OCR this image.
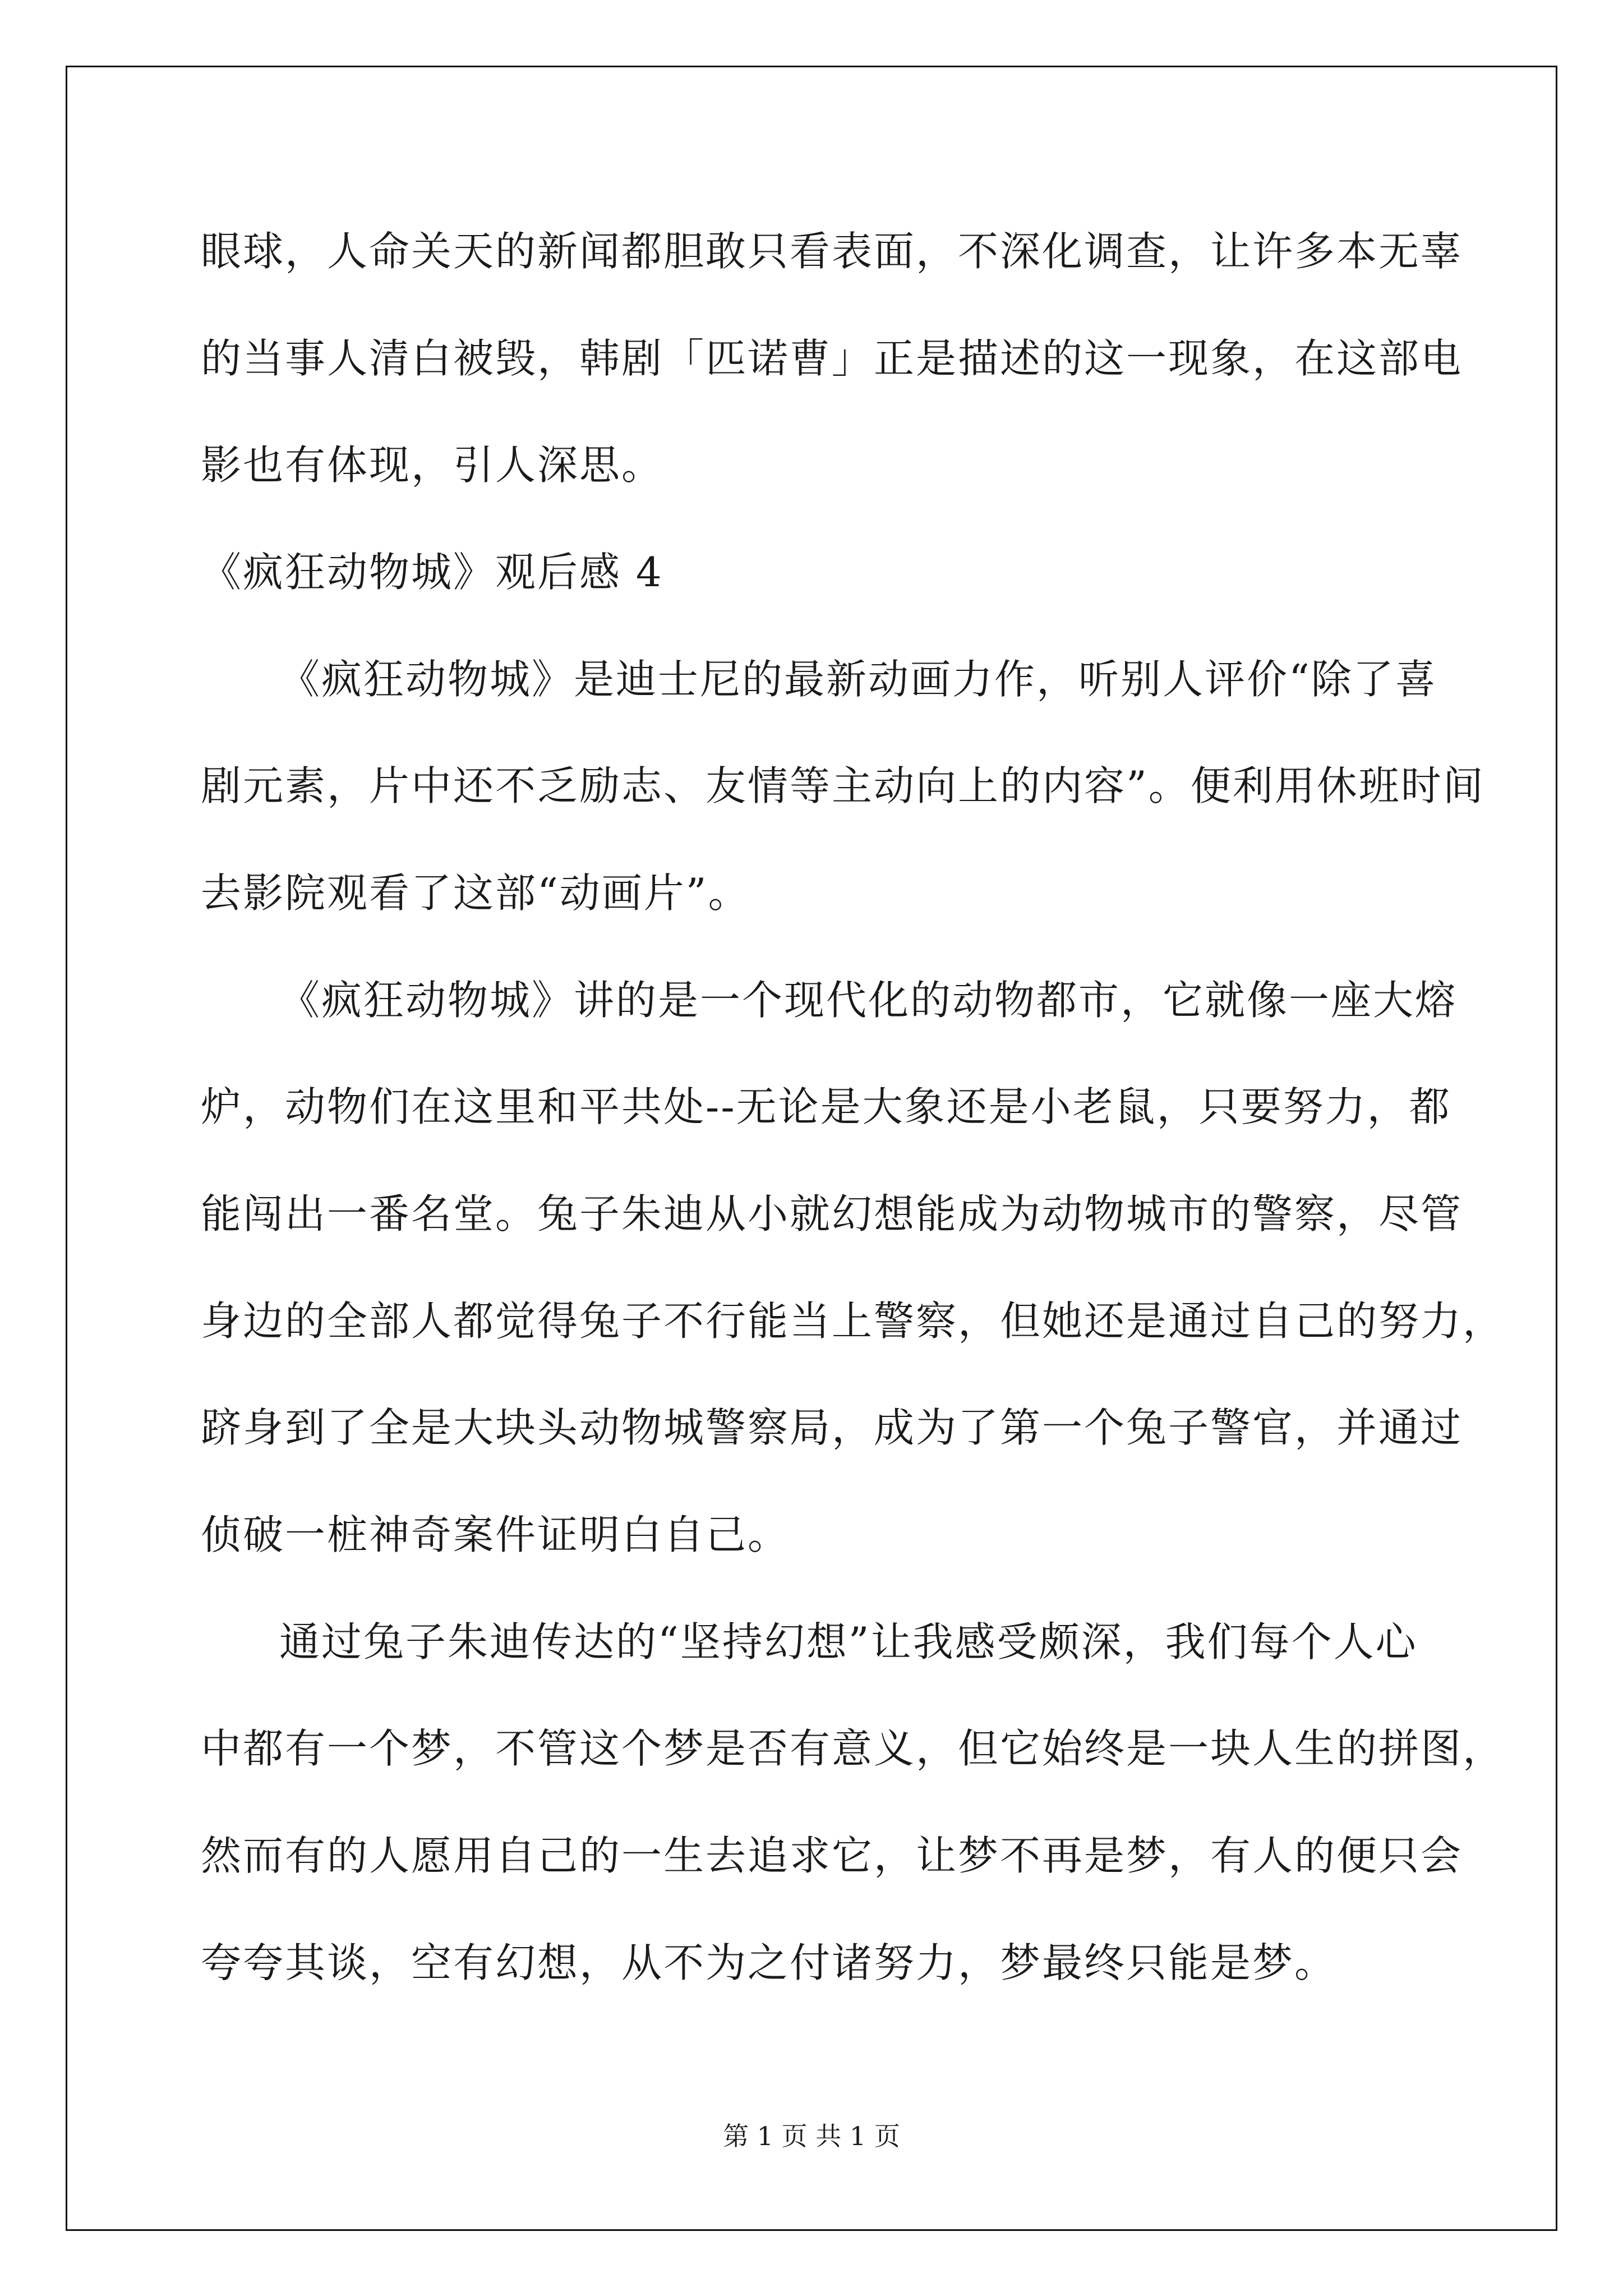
眼球，人命关天的新闻都胆敢只看表面，不深化调查，让许多本无辜
的当事人清白被毁，韩剧「匹诺曹」正是描述的这一现象，在这部电
影也有体现，引人深思。
《疯狂动物城》观后感 4
《疯狂动物城》是迪士尼的最新动画力作，听别人评价“除了喜
剧元素，片中还不乏励志、友情等主动向上的内容”。便利用休班时间
去影院观看了这部“动画片”。
《疯狂动物城》讲的是一个现代化的动物都市，它就像一座大熔
炉，动物们在这里和平共处--无论是大象还是小老鼠，只要努力，都
能闯出一番名堂。兔子朱迪从小就幻想能成为动物城市的警察，尽管
身边的全部人都觉得兔子不行能当上警察，但她还是通过自己的努力，
跻身到了全是大块头动物城警察局，成为了第一个兔子警官，并通过
侦破一桩神奇案件证明白自己。
通过兔子朱迪传达的“坚持幻想”让我感受颇深，我们每个人心
中都有一个梦，不管这个梦是否有意义，但它始终是一块人生的拼图，
然而有的人愿用自己的一生去追求它，让梦不再是梦，有人的便只会
夸夸其谈，空有幻想，从不为之付诸努力，梦最终只能是梦。
第 1 页 共 1 页
